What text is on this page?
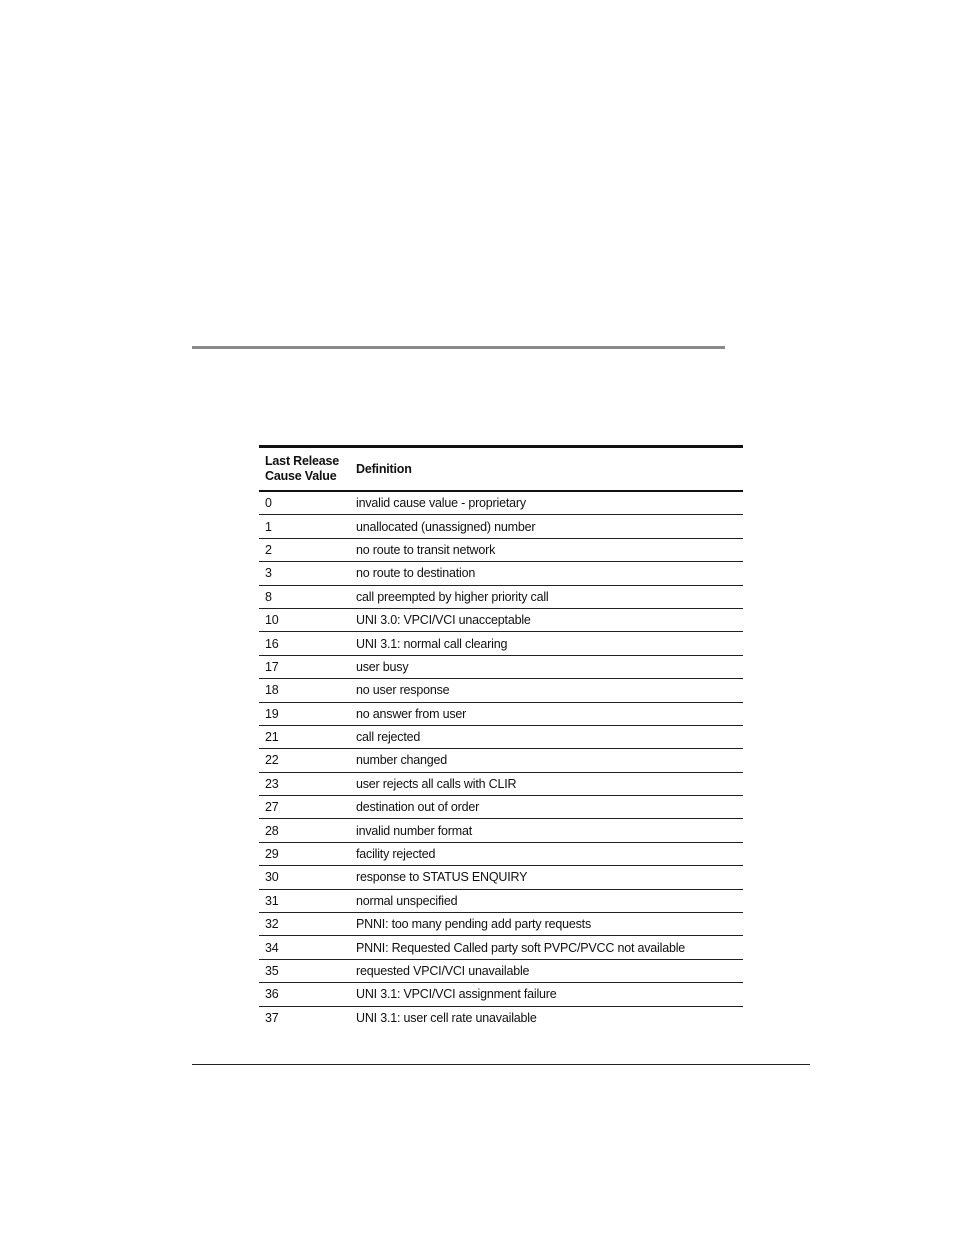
Last Release
Cause Value	Definition
0	invalid cause value - proprietary
1	unallocated (unassigned) number
2	no route to transit network
3	no route to destination
8	call preempted by higher priority call
10	UNI 3.0: VPCI/VCI unacceptable
16	UNI 3.1: normal call clearing
17	user busy
18	no user response
19	no answer from user
21	call rejected
22	number changed
23	user rejects all calls with CLIR
27	destination out of order
28	invalid number format
29	facility rejected
30	response to STATUS ENQUIRY
31	normal unspecified
32	PNNI: too many pending add party requests
34	PNNI: Requested Called party soft PVPC/PVCC not available
35	requested VPCI/VCI unavailable
36	UNI 3.1: VPCI/VCI assignment failure
37	UNI 3.1: user cell rate unavailable
